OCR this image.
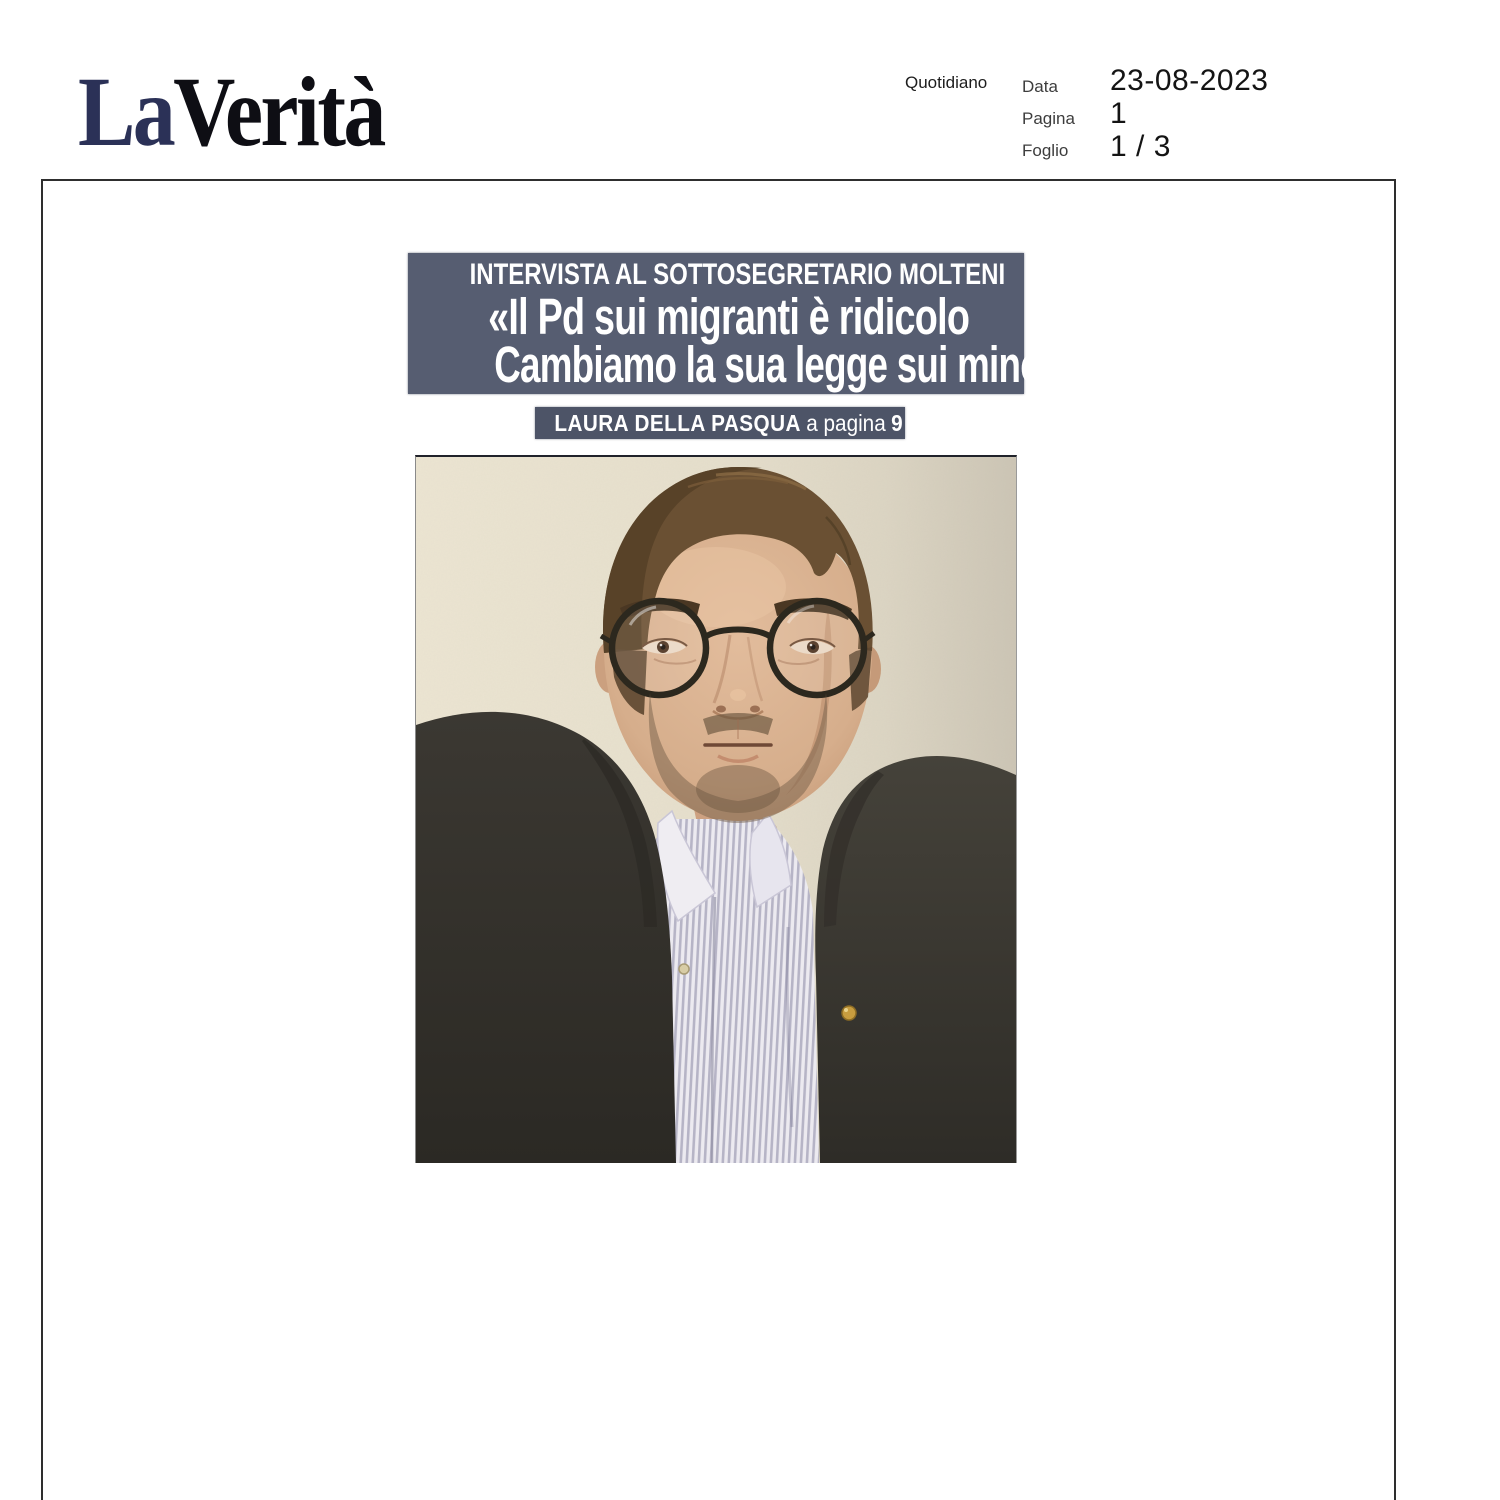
LaVerità	Quotidiano Data 23-08-2023
Pagina 1
Foglio 1 / 3
INTERVISTA AL SOTTOSEGRETARIO MOLTENI
«Il Pd sui migranti è ridicolo
Cambiamo la sua legge sui minori»
LAURA DELLA PASQUA a pagina 9
